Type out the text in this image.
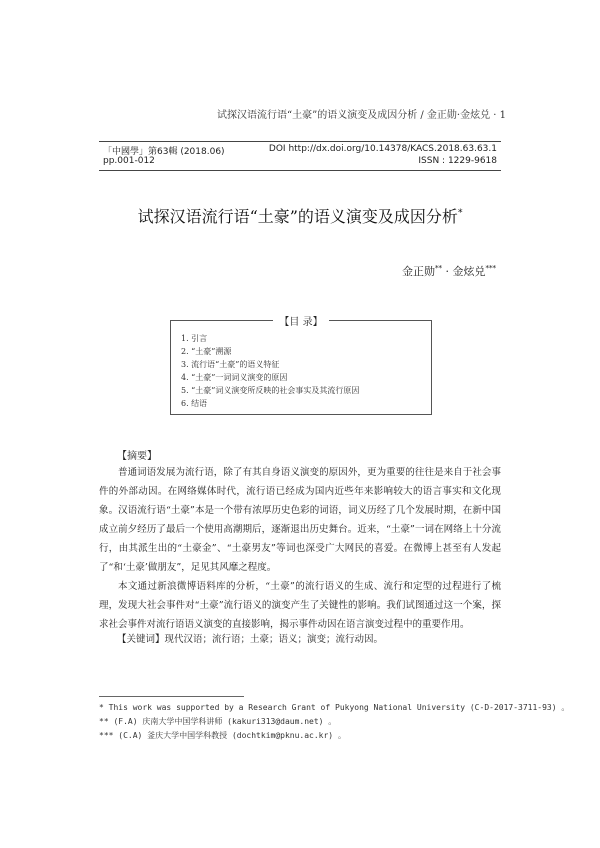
试探汉语流行语“土豪”的语义演变及成因分析 / 金正勋·金炫兑 · 1
「中國學」第63輯 (2018.06)	DOI http://dx.doi.org/10.14378/KACS.2018.63.63.1
pp.001-012	ISSN : 1229-9618
试探汉语流行语“土豪”的语义演变及成因分析*
金正勋** · 金炫兑***
【目 录】
1. 引言
2. “土豪”溯源
3. 流行语“土豪”的语义特征
4. “土豪”一词词义演变的原因
5. “土豪”词义演变所反映的社会事实及其流行原因
6. 结语
【摘要】

普通词语发展为流行语，除了有其自身语义演变的原因外，更为重要的往往是来自于社会事件的外部动因。在网络媒体时代，流行语已经成为国内近些年来影响较大的语言事实和文化现象。汉语流行语“土豪”本是一个带有浓厚历史色彩的词语，词义历经了几个发展时期，在新中国成立前夕经历了最后一个使用高潮期后，逐渐退出历史舞台。近来，“土豪”一词在网络上十分流行，由其派生出的“土豪金”、“土豪男友”等词也深受广大网民的喜爱。在微博上甚至有人发起了“和‘土豪’做朋友”，足见其风靡之程度。

本文通过新浪微博语料库的分析，“土豪”的流行语义的生成、流行和定型的过程进行了梳理，发现大社会事件对“土豪”流行语义的演变产生了关键性的影响。我们试图通过这一个案，探求社会事件对流行语语义演变的直接影响，揭示事件动因在语言演变过程中的重要作用。

【关键词】现代汉语；流行语；土豪；语义；演变；流行动因。
* This work was supported by a Research Grant of Pukyong National University (C-D-2017-3711-93) 。
** (F.A) 庆南大学中国学科讲师 (kakuri313@daum.net) 。
*** (C.A) 釜庆大学中国学科教授 (dochtkim@pknu.ac.kr) 。
